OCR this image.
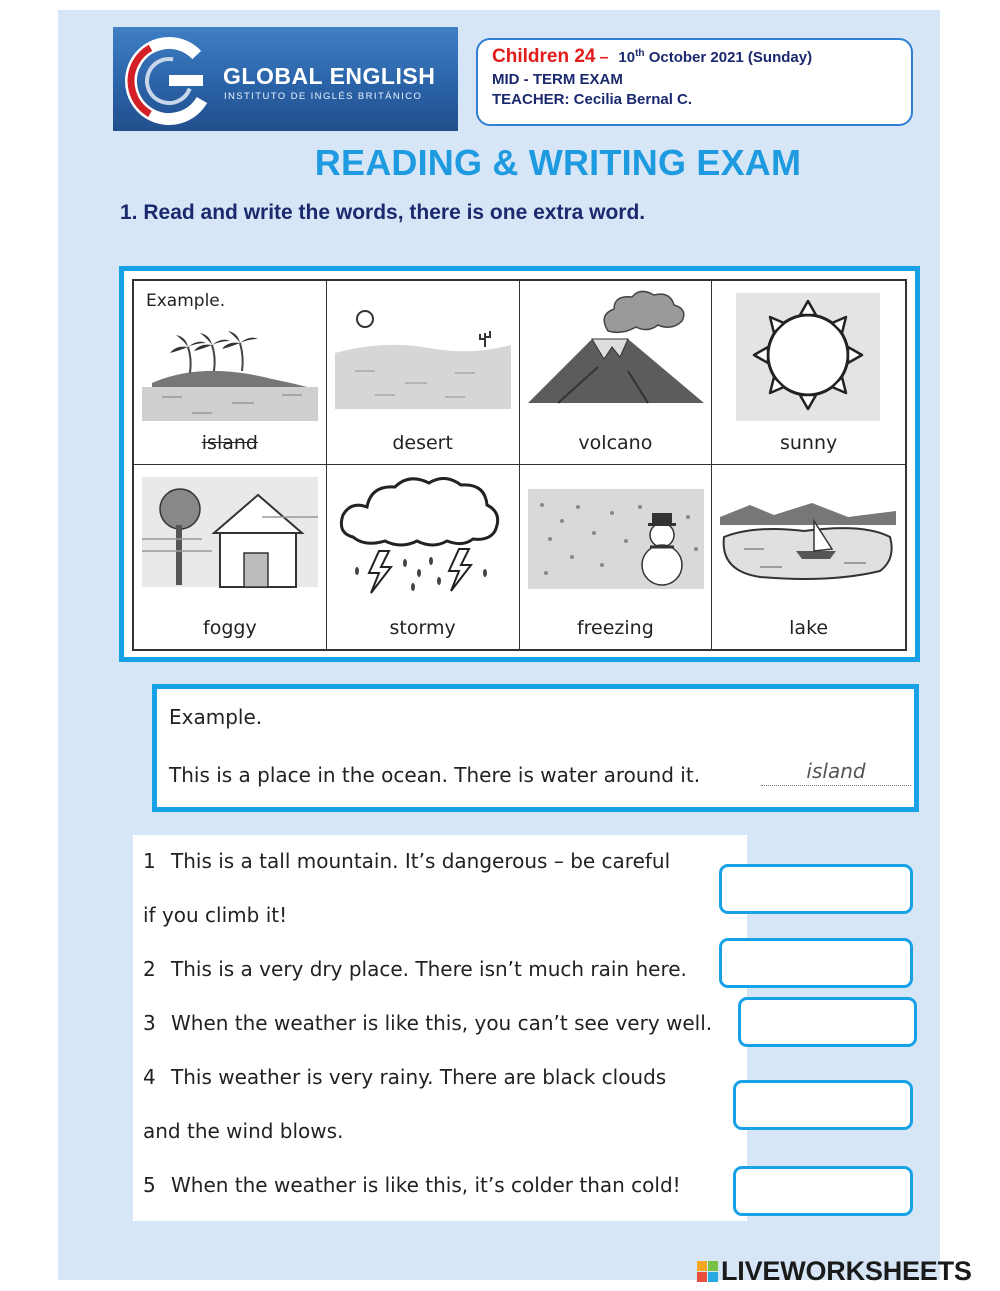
GLOBAL ENGLISH
INSTITUTO DE INGLÉS BRITÁNICO
Children 24 – 10th October 2021 (Sunday)
MID - TERM EXAM
TEACHER: Cecilia Bernal C.
READING & WRITING EXAM
1. Read and write the words, there is one extra word.
Example.
island	desert	volcano	sunny
foggy	stormy	freezing	lake
Example.
This is a place in the ocean. There is water around it.	island
1 This is a tall mountain. It’s dangerous – be careful
if you climb it!
2 This is a very dry place. There isn’t much rain here.
3 When the weather is like this, you can’t see very well.
4 This weather is very rainy. There are black clouds
and the wind blows.
5 When the weather is like this, it’s colder than cold!
LIVEWORKSHEETS
